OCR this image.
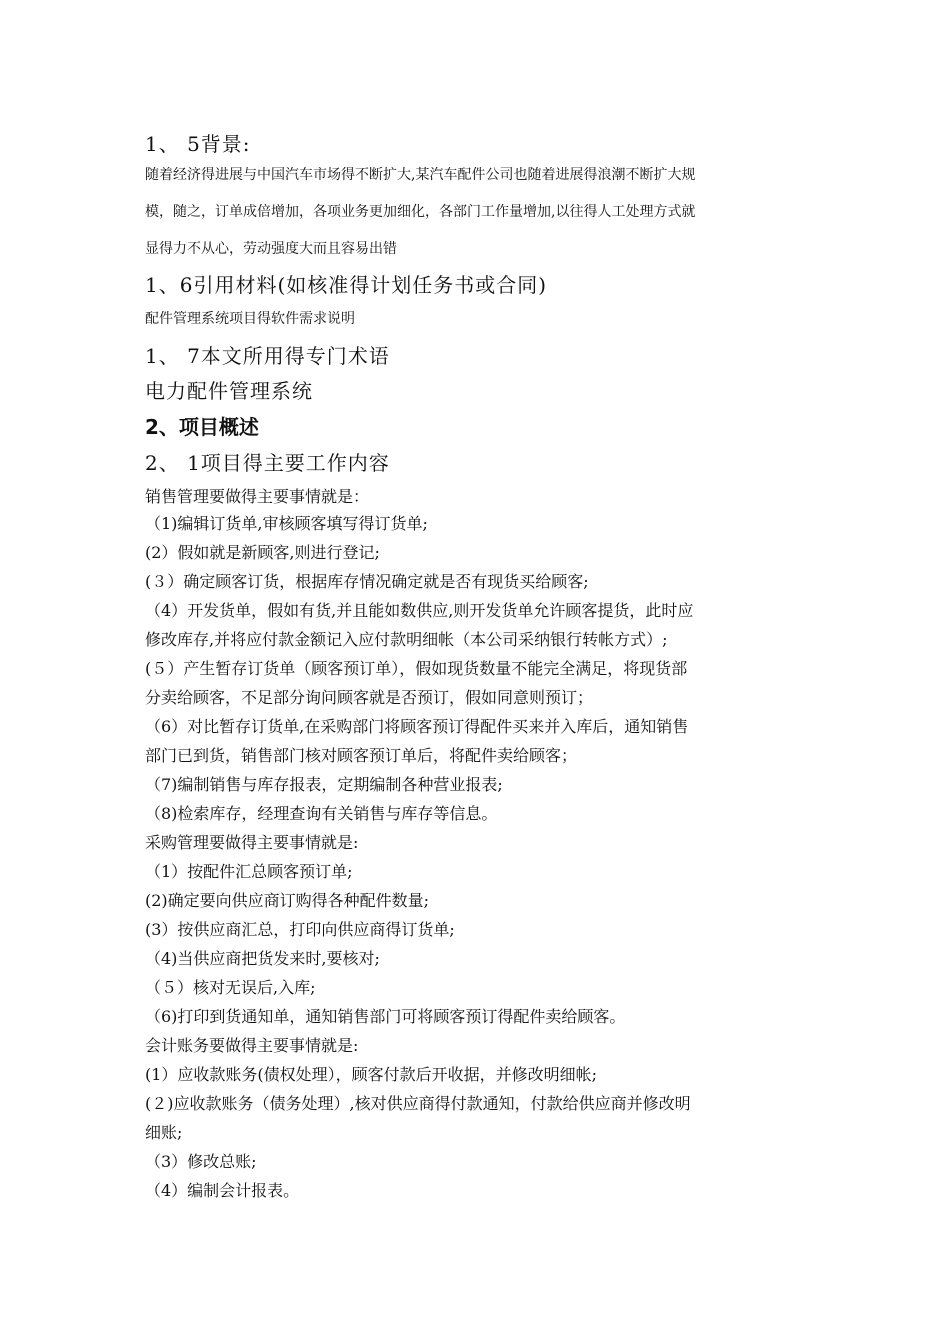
1、 5背景:
随着经济得进展与中国汽车市场得不断扩大,某汽车配件公司也随着进展得浪潮不断扩大规
模，随之，订单成倍增加，各项业务更加细化，各部门工作量增加,以往得人工处理方式就
显得力不从心，劳动强度大而且容易出错
1、6引用材料(如核准得计划任务书或合同)
配件管理系统项目得软件需求说明
1、 7本文所用得专门术语
电力配件管理系统
2、项目概述
2、 1项目得主要工作内容
销售管理要做得主要事情就是：
（1)编辑订货单,审核顾客填写得订货单;
(2）假如就是新顾客,则进行登记;
(３）确定顾客订货，根据库存情况确定就是否有现货买给顾客;
（4）开发货单，假如有货,并且能如数供应,则开发货单允许顾客提货，此时应
修改库存,并将应付款金额记入应付款明细帐（本公司采纳银行转帐方式）;
(５）产生暂存订货单（顾客预订单），假如现货数量不能完全满足，将现货部
分卖给顾客，不足部分询问顾客就是否预订，假如同意则预订；
（6）对比暂存订货单,在采购部门将顾客预订得配件买来并入库后，通知销售
部门已到货，销售部门核对顾客预订单后，将配件卖给顾客；
（7)编制销售与库存报表，定期编制各种营业报表;
（8)检索库存，经理查询有关销售与库存等信息。
采购管理要做得主要事情就是:
（1）按配件汇总顾客预订单;
(2)确定要向供应商订购得各种配件数量;
(3）按供应商汇总，打印向供应商得订货单;
（4)当供应商把货发来时,要核对;
（５）核对无误后,入库;
（6)打印到货通知单，通知销售部门可将顾客预订得配件卖给顾客。
会计账务要做得主要事情就是:
(1）应收款账务(债权处理），顾客付款后开收据，并修改明细帐;
(２)应收款账务（债务处理）,核对供应商得付款通知，付款给供应商并修改明
细账;
（3）修改总账;
（4）编制会计报表。
